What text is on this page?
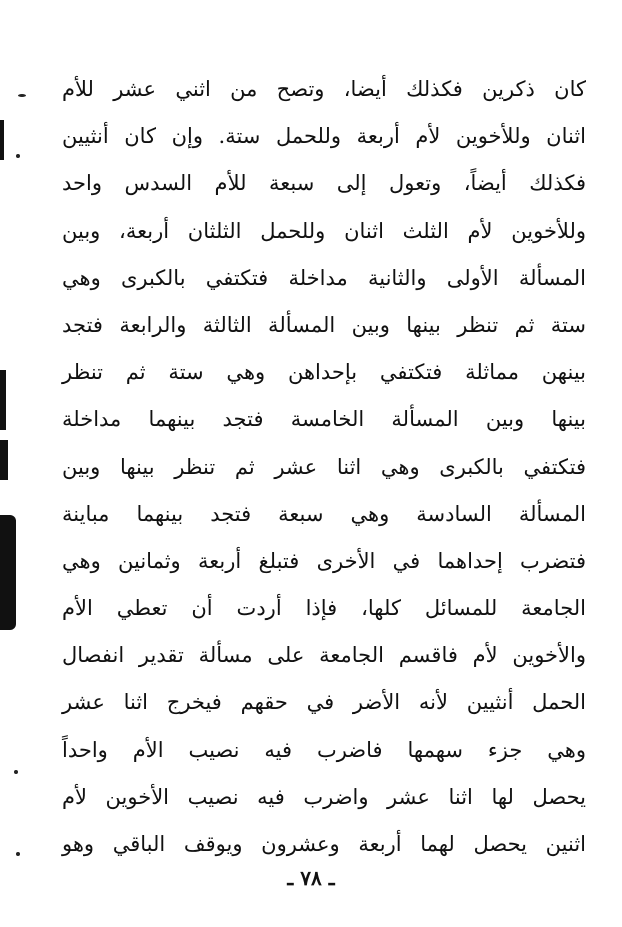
كان ذكرين فكذلك أيضا، وتصح من اثني عشر للأم
اثنان وللأخوين لأم أربعة وللحمل ستة. وإن كان أنثيين
فكذلك أيضاً، وتعول إلى سبعة للأم السدس واحد
وللأخوين لأم الثلث اثنان وللحمل الثلثان أربعة، وبين
المسألة الأولى والثانية مداخلة فتكتفي بالكبرى وهي
ستة ثم تنظر بينها وبين المسألة الثالثة والرابعة فتجد
بينهن مماثلة فتكتفي بإحداهن وهي ستة ثم تنظر
بينها وبين المسألة الخامسة فتجد بينهما مداخلة
فتكتفي بالكبرى وهي اثنا عشر ثم تنظر بينها وبين
المسألة السادسة وهي سبعة فتجد بينهما مباينة
فتضرب إحداهما في الأخرى فتبلغ أربعة وثمانين وهي
الجامعة للمسائل كلها، فإذا أردت أن تعطي الأم
والأخوين لأم فاقسم الجامعة على مسألة تقدير انفصال
الحمل أنثيين لأنه الأضر في حقهم فيخرج اثنا عشر
وهي جزء سهمها فاضرب فيه نصيب الأم واحداً
يحصل لها اثنا عشر واضرب فيه نصيب الأخوين لأم
اثنين يحصل لهما أربعة وعشرون ويوقف الباقي وهو
ـ ٧٨ ـ
